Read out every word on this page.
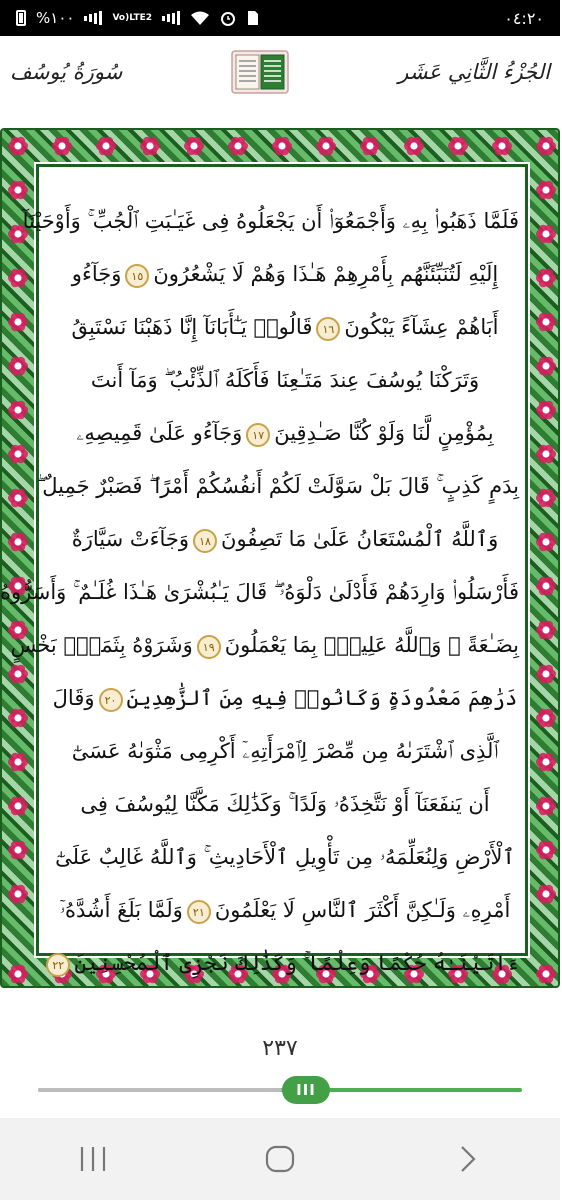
%١٠٠	Vo) LTE2	٠٤:٢٠
سُورَةُ يُوسُف	الجُزْءُ الثَّانِي عَشَر
فَلَمَّا ذَهَبُوا۟ بِهِۦ وَأَجْمَعُوٓا۟ أَن يَجْعَلُوهُ فِى غَيَـٰبَتِ ٱلْجُبِّ ۚ وَأَوْحَيْنَآ
إِلَيْهِ لَتُنَبِّئَنَّهُم بِأَمْرِهِمْ هَـٰذَا وَهُمْ لَا يَشْعُرُونَ١٥وَجَآءُو
أَبَاهُمْ عِشَآءً يَبْكُونَ١٦قَالُوا۟ يَـٰٓأَبَانَآ إِنَّا ذَهَبْنَا نَسْتَبِقُ
وَتَرَكْنَا يُوسُفَ عِندَ مَتَـٰعِنَا فَأَكَلَهُ ٱلذِّئْبُ ۖ وَمَآ أَنتَ
بِمُؤْمِنٍ لَّنَا وَلَوْ كُنَّا صَـٰدِقِينَ١٧وَجَآءُو عَلَىٰ قَمِيصِهِۦ
بِدَمٍ كَذِبٍ ۚ قَالَ بَلْ سَوَّلَتْ لَكُمْ أَنفُسُكُمْ أَمْرًا ۖ فَصَبْرٌ جَمِيلٌ ۖ
وَٱللَّهُ ٱلْمُسْتَعَانُ عَلَىٰ مَا تَصِفُونَ١٨وَجَآءَتْ سَيَّارَةٌ
فَأَرْسَلُوا۟ وَارِدَهُمْ فَأَدْلَىٰ دَلْوَهُۥ ۖ قَالَ يَـٰبُشْرَىٰ هَـٰذَا غُلَـٰمٌ ۚ وَأَسَرُّوهُ
بِضَـٰعَةً ۚ وَٱللَّهُ عَلِيمٌۢ بِمَا يَعْمَلُونَ١٩وَشَرَوْهُ بِثَمَنٍۭ بَخْسٍ
دَرَٰهِمَ مَعْدُودَةٍ وَكَانُوا۟ فِيهِ مِنَ ٱلزَّٰهِدِينَ٢٠وَقَالَ
ٱلَّذِى ٱشْتَرَىٰهُ مِن مِّصْرَ لِٱمْرَأَتِهِۦٓ أَكْرِمِى مَثْوَىٰهُ عَسَىٰٓ
أَن يَنفَعَنَآ أَوْ نَتَّخِذَهُۥ وَلَدًا ۚ وَكَذَٰلِكَ مَكَّنَّا لِيُوسُفَ فِى
ٱلْأَرْضِ وَلِنُعَلِّمَهُۥ مِن تَأْوِيلِ ٱلْأَحَادِيثِ ۚ وَٱللَّهُ غَالِبٌ عَلَىٰٓ
أَمْرِهِۦ وَلَـٰكِنَّ أَكْثَرَ ٱلنَّاسِ لَا يَعْلَمُونَ٢١وَلَمَّا بَلَغَ أَشُدَّهُۥٓ
ءَاتَيْنَـٰهُ حُكْمًا وَعِلْمًا ۚ وَكَذَٰلِكَ نَجْزِى ٱلْمُحْسِنِينَ٢٢
٢٣٧
III
